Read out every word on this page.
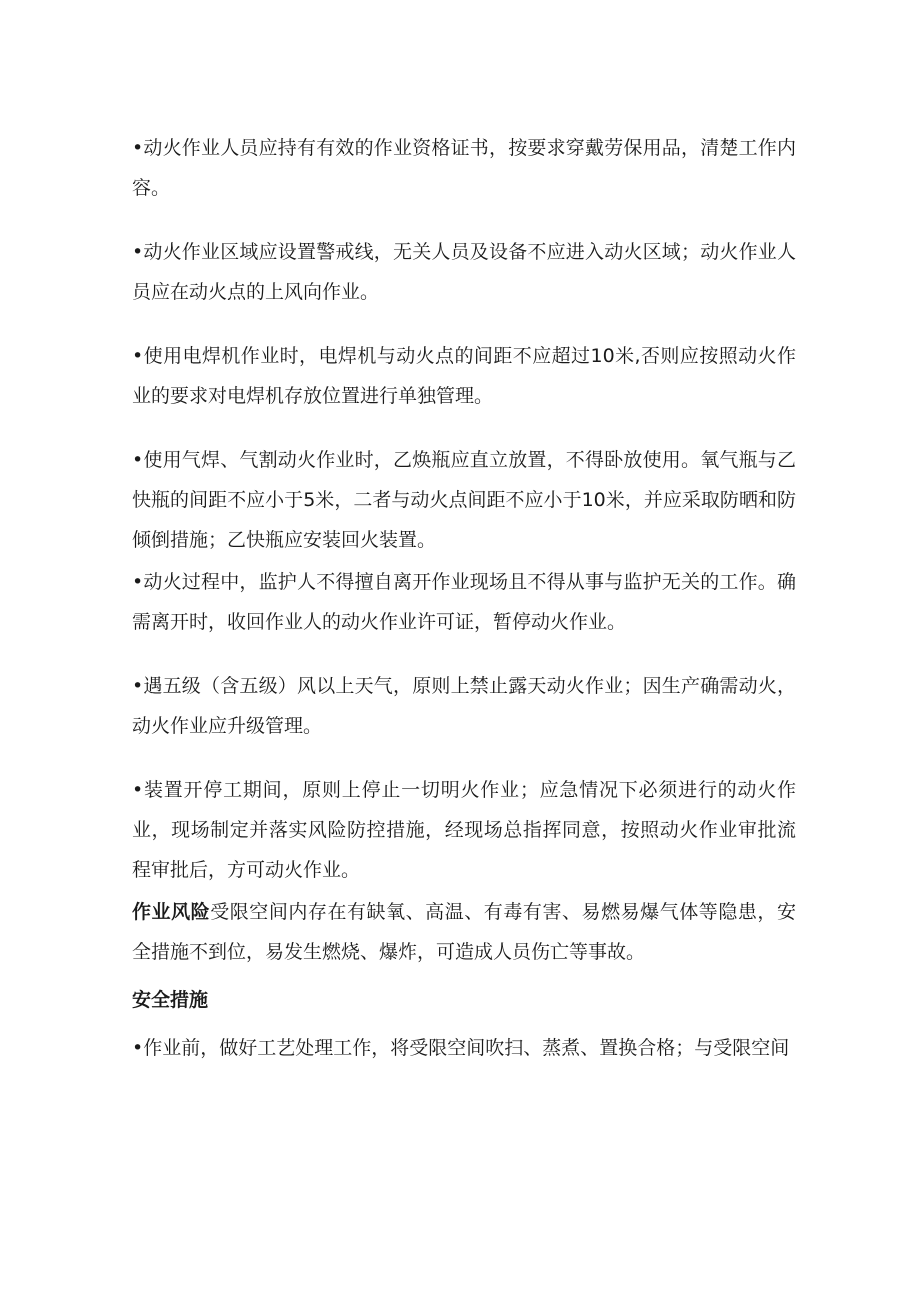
•动火作业人员应持有有效的作业资格证书，按要求穿戴劳保用品，清楚工作内容。

•动火作业区域应设置警戒线，无关人员及设备不应进入动火区域；动火作业人员应在动火点的上风向作业。

•使用电焊机作业时，电焊机与动火点的间距不应超过10米,否则应按照动火作业的要求对电焊机存放位置进行单独管理。

•使用气焊、气割动火作业时，乙焕瓶应直立放置，不得卧放使用。氧气瓶与乙快瓶的间距不应小于5米，二者与动火点间距不应小于10米，并应采取防晒和防倾倒措施；乙快瓶应安装回火装置。

•动火过程中，监护人不得擅自离开作业现场且不得从事与监护无关的工作。确需离开时，收回作业人的动火作业许可证，暂停动火作业。

•遇五级（含五级）风以上天气，原则上禁止露天动火作业；因生产确需动火，动火作业应升级管理。

•装置开停工期间，原则上停止一切明火作业；应急情况下必须进行的动火作业，现场制定并落实风险防控措施，经现场总指挥同意，按照动火作业审批流程审批后，方可动火作业。

作业风险受限空间内存在有缺氧、高温、有毒有害、易燃易爆气体等隐患，安全措施不到位，易发生燃烧、爆炸，可造成人员伤亡等事故。

安全措施

•作业前，做好工艺处理工作，将受限空间吹扫、蒸煮、置换合格；与受限空间
